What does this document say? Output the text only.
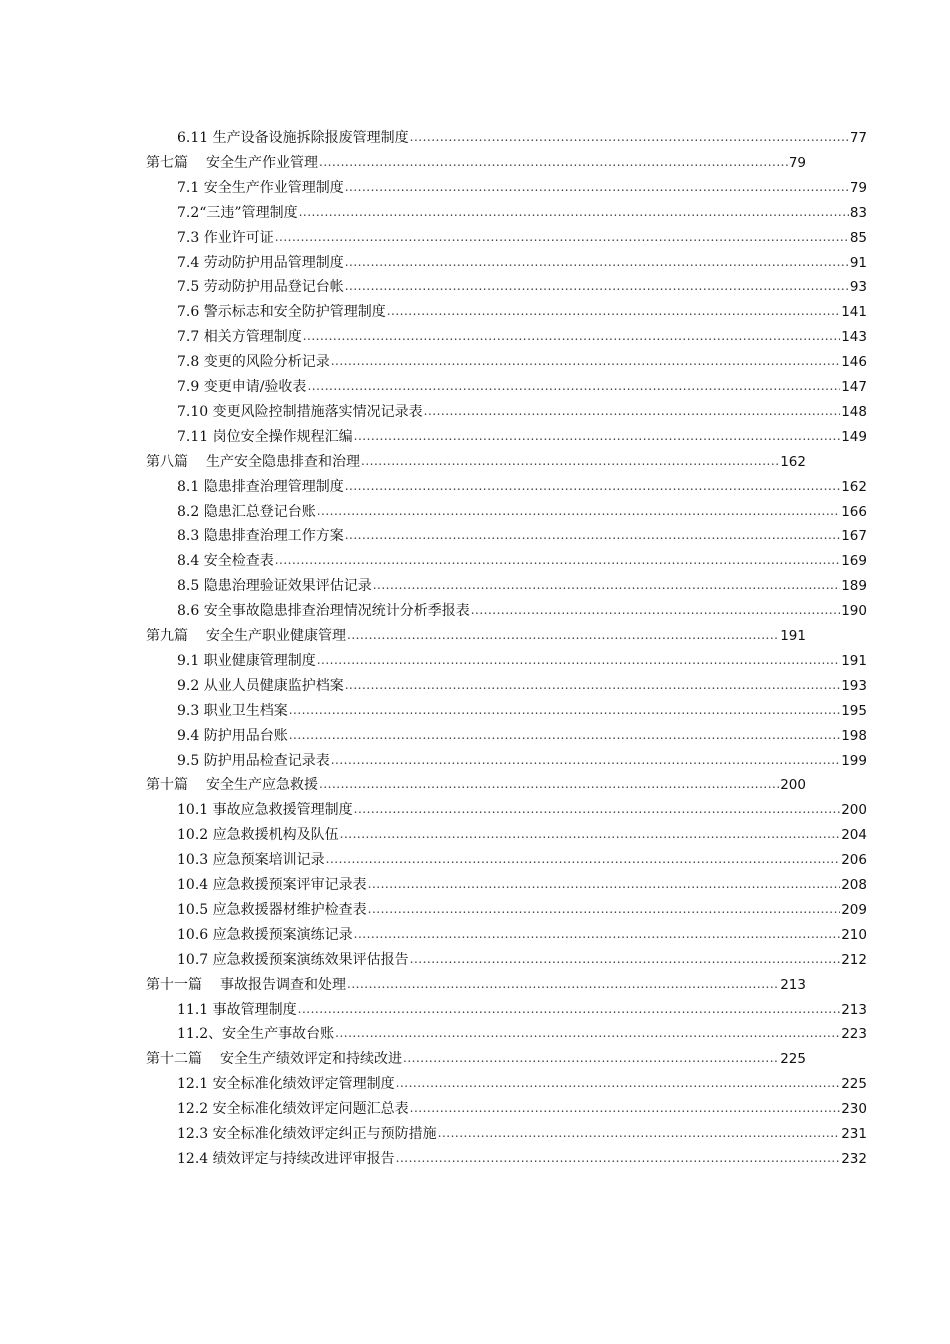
6.11 生产设备设施拆除报废管理制度 .....	77
第七篇 安全生产作业管理 .....	79
7.1 安全生产作业管理制度 .....	79
7.2“三违”管理制度 .....	83
7.3 作业许可证 .....	85
7.4 劳动防护用品管理制度 .....	91
7.5 劳动防护用品登记台帐 .....	93
7.6 警示标志和安全防护管理制度 .....	141
7.7 相关方管理制度 .....	143
7.8 变更的风险分析记录 .....	146
7.9 变更申请/验收表 .....	147
7.10 变更风险控制措施落实情况记录表 .....	148
7.11 岗位安全操作规程汇编 .....	149
第八篇 生产安全隐患排查和治理 .....	162
8.1 隐患排查治理管理制度 .....	162
8.2 隐患汇总登记台账 .....	166
8.3 隐患排查治理工作方案 .....	167
8.4 安全检查表 .....	169
8.5 隐患治理验证效果评估记录 .....	189
8.6 安全事故隐患排查治理情况统计分析季报表 .....	190
第九篇 安全生产职业健康管理 .....	191
9.1 职业健康管理制度 .....	191
9.2 从业人员健康监护档案 .....	193
9.3 职业卫生档案 .....	195
9.4 防护用品台账 .....	198
9.5 防护用品检查记录表 .....	199
第十篇 安全生产应急救援 .....	200
10.1 事故应急救援管理制度 .....	200
10.2 应急救援机构及队伍 .....	204
10.3 应急预案培训记录 .....	206
10.4 应急救援预案评审记录表 .....	208
10.5 应急救援器材维护检查表 .....	209
10.6 应急救援预案演练记录 .....	210
10.7 应急救援预案演练效果评估报告 .....	212
第十一篇 事故报告调查和处理 .....	213
11.1 事故管理制度 .....	213
11.2、安全生产事故台账 .....	223
第十二篇 安全生产绩效评定和持续改进 .....	225
12.1 安全标准化绩效评定管理制度 .....	225
12.2 安全标准化绩效评定问题汇总表 .....	230
12.3 安全标准化绩效评定纠正与预防措施 .....	231
12.4 绩效评定与持续改进评审报告 .....	232
